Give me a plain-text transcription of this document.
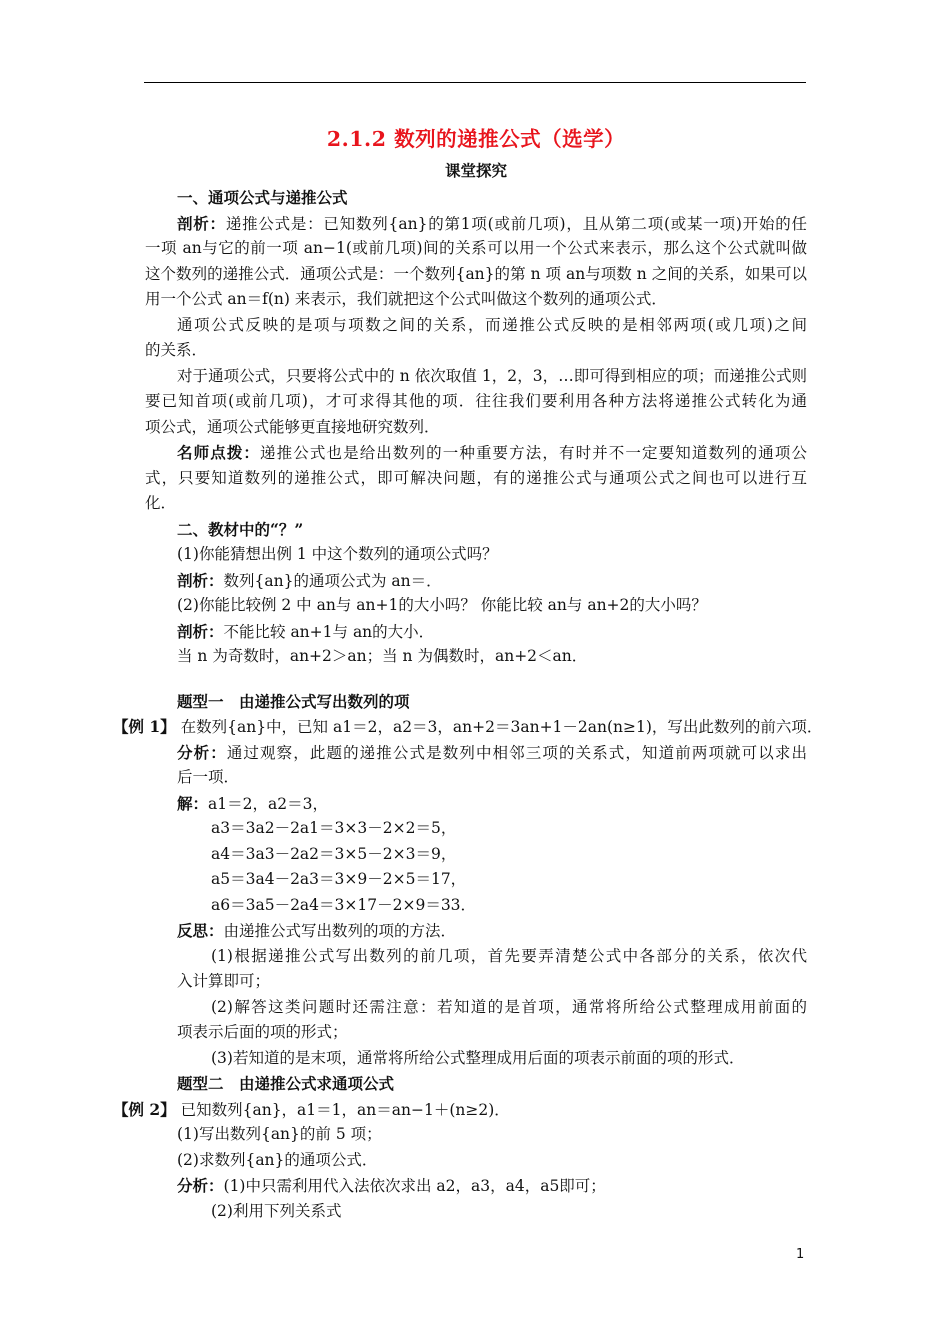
2.1.2 数列的递推公式（选学）
课堂探究
一、通项公式与递推公式
剖析：递推公式是：已知数列{an}的第1项(或前几项)，且从第二项(或某一项)开始的任
一项 an与它的前一项 an−1(或前几项)间的关系可以用一个公式来表示，那么这个公式就叫做
这个数列的递推公式．通项公式是：一个数列{an}的第 n 项 an与项数 n 之间的关系，如果可以
用一个公式 an＝f(n) 来表示，我们就把这个公式叫做这个数列的通项公式．
通项公式反映的是项与项数之间的关系，而递推公式反映的是相邻两项(或几项)之间
的关系．
对于通项公式，只要将公式中的 n 依次取值 1，2，3，…即可得到相应的项；而递推公式则
要已知首项(或前几项)，才可求得其他的项．往往我们要利用各种方法将递推公式转化为通
项公式，通项公式能够更直接地研究数列．
名师点拨：递推公式也是给出数列的一种重要方法，有时并不一定要知道数列的通项公
式，只要知道数列的递推公式，即可解决问题，有的递推公式与通项公式之间也可以进行互
化．
二、教材中的“？”
(1)你能猜想出例 1 中这个数列的通项公式吗？
剖析：数列{an}的通项公式为 an＝．
(2)你能比较例 2 中 an与 an+1的大小吗？ 你能比较 an与 an+2的大小吗？
剖析：不能比较 an+1与 an的大小．
当 n 为奇数时，an+2＞an；当 n 为偶数时，an+2＜an．
题型一　由递推公式写出数列的项
【例 1】 在数列{an}中，已知 a1＝2，a2＝3，an+2＝3an+1－2an(n≥1)，写出此数列的前六项．
分析：通过观察，此题的递推公式是数列中相邻三项的关系式，知道前两项就可以求出
后一项．
解：a1＝2，a2＝3，
a3＝3a2－2a1＝3×3－2×2＝5，
a4＝3a3－2a2＝3×5－2×3＝9，
a5＝3a4－2a3＝3×9－2×5＝17，
a6＝3a5－2a4＝3×17－2×9＝33．
反思：由递推公式写出数列的项的方法．
(1)根据递推公式写出数列的前几项，首先要弄清楚公式中各部分的关系，依次代
入计算即可；
(2)解答这类问题时还需注意：若知道的是首项，通常将所给公式整理成用前面的
项表示后面的项的形式；
(3)若知道的是末项，通常将所给公式整理成用后面的项表示前面的项的形式．
题型二　由递推公式求通项公式
【例 2】 已知数列{an}，a1＝1，an＝an−1＋(n≥2)．
(1)写出数列{an}的前 5 项；
(2)求数列{an}的通项公式．
分析：(1)中只需利用代入法依次求出 a2，a3，a4，a5即可；
(2)利用下列关系式
1
